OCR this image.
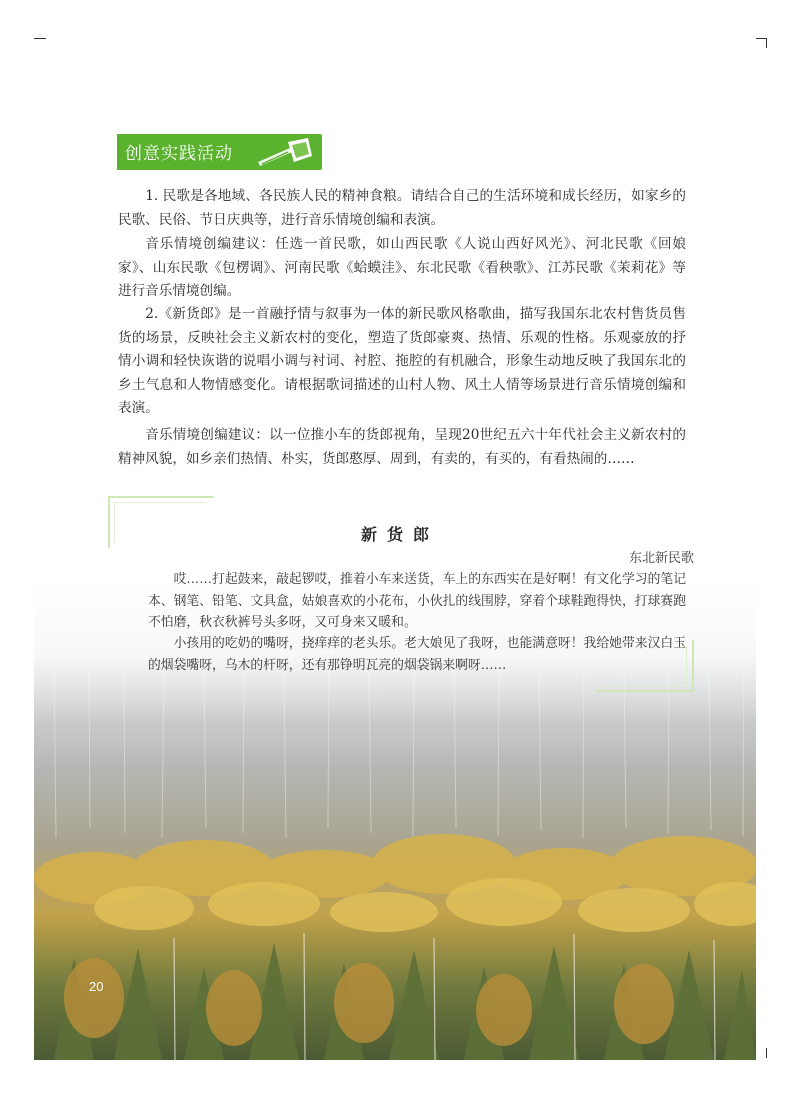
创意实践活动

1. 民歌是各地域、各民族人民的精神食粮。请结合自己的生活环境和成长经历，如家乡的民歌、民俗、节日庆典等，进行音乐情境创编和表演。

音乐情境创编建议：任选一首民歌，如山西民歌《人说山西好风光》、河北民歌《回娘家》、山东民歌《包楞调》、河南民歌《蛤蟆洼》、东北民歌《看秧歌》、江苏民歌《茉莉花》等进行音乐情境创编。

2.《新货郎》是一首融抒情与叙事为一体的新民歌风格歌曲，描写我国东北农村售货员售货的场景，反映社会主义新农村的变化，塑造了货郎豪爽、热情、乐观的性格。乐观豪放的抒情小调和轻快诙谐的说唱小调与衬词、衬腔、拖腔的有机融合，形象生动地反映了我国东北的乡土气息和人物情感变化。请根据歌词描述的山村人物、风土人情等场景进行音乐情境创编和表演。

音乐情境创编建议：以一位推小车的货郎视角，呈现20世纪五六十年代社会主义新农村的精神风貌，如乡亲们热情、朴实，货郎憨厚、周到，有卖的，有买的，有看热闹的……

新货郎
东北新民歌

哎……打起鼓来，敲起锣哎，推着小车来送货，车上的东西实在是好啊！有文化学习的笔记本、钢笔、铅笔、文具盒，姑娘喜欢的小花布，小伙扎的线围脖，穿着个球鞋跑得快，打球赛跑不怕磨，秋衣秋裤号头多呀，又可身来又暖和。

小孩用的吃奶的嘴呀，挠痒痒的老头乐。老大娘见了我呀，也能满意呀！我给她带来汉白玉的烟袋嘴呀，乌木的杆呀，还有那铮明瓦亮的烟袋锅来啊呀……

20
